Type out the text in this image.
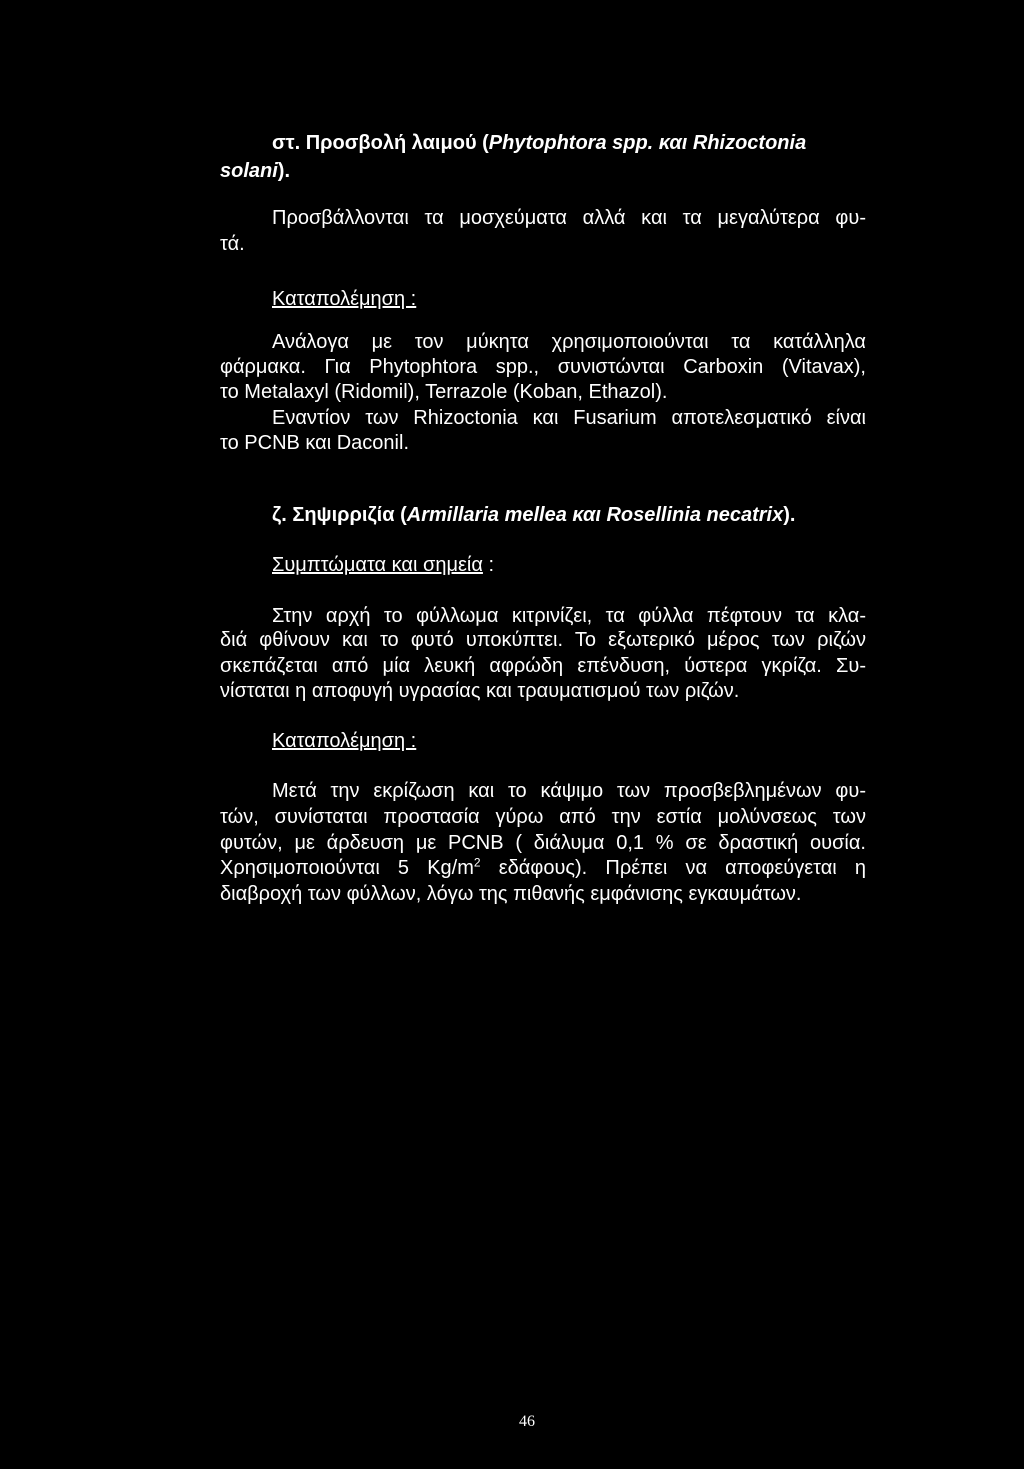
στ. Προσβολή λαιμού (Phytophtora spp. και Rhizoctonia
solani).
Προσβάλλονται τα μοσχεύματα αλλά και τα μεγαλύτερα φυ-
τά.
Καταπολέμηση :
Ανάλογα με τον μύκητα χρησιμοποιούνται τα κατάλληλα
φάρμακα. Για Phytophtora spp., συνιστώνται Carboxin (Vitavax),
το Metalaxyl (Ridomil), Terrazole (Koban, Ethazol).
Εναντίον των Rhizoctonia και Fusarium αποτελεσματικό είναι
το PCNB και Daconil.
ζ. Σηψιρριζία (Armillaria mellea και Rosellinia necatrix).
Συμπτώματα και σημεία :
Στην αρχή το φύλλωμα κιτρινίζει, τα φύλλα πέφτουν τα κλα-
διά φθίνουν και το φυτό υποκύπτει. Το εξωτερικό μέρος των ριζών
σκεπάζεται από μία λευκή αφρώδη επένδυση, ύστερα γκρίζα. Συ-
νίσταται η αποφυγή υγρασίας και τραυματισμού των ριζών.
Καταπολέμηση :
Μετά την εκρίζωση και το κάψιμο των προσβεβλημένων φυ-
τών, συνίσταται προστασία γύρω από την εστία μολύνσεως των
φυτών, με άρδευση με PCNB ( διάλυμα 0,1 % σε δραστική ουσία.
Χρησιμοποιούνται 5 $Kg/m^2$ εδάφους). Πρέπει να αποφεύγεται η
διαβροχή των φύλλων, λόγω της πιθανής εμφάνισης εγκαυμάτων.
46
